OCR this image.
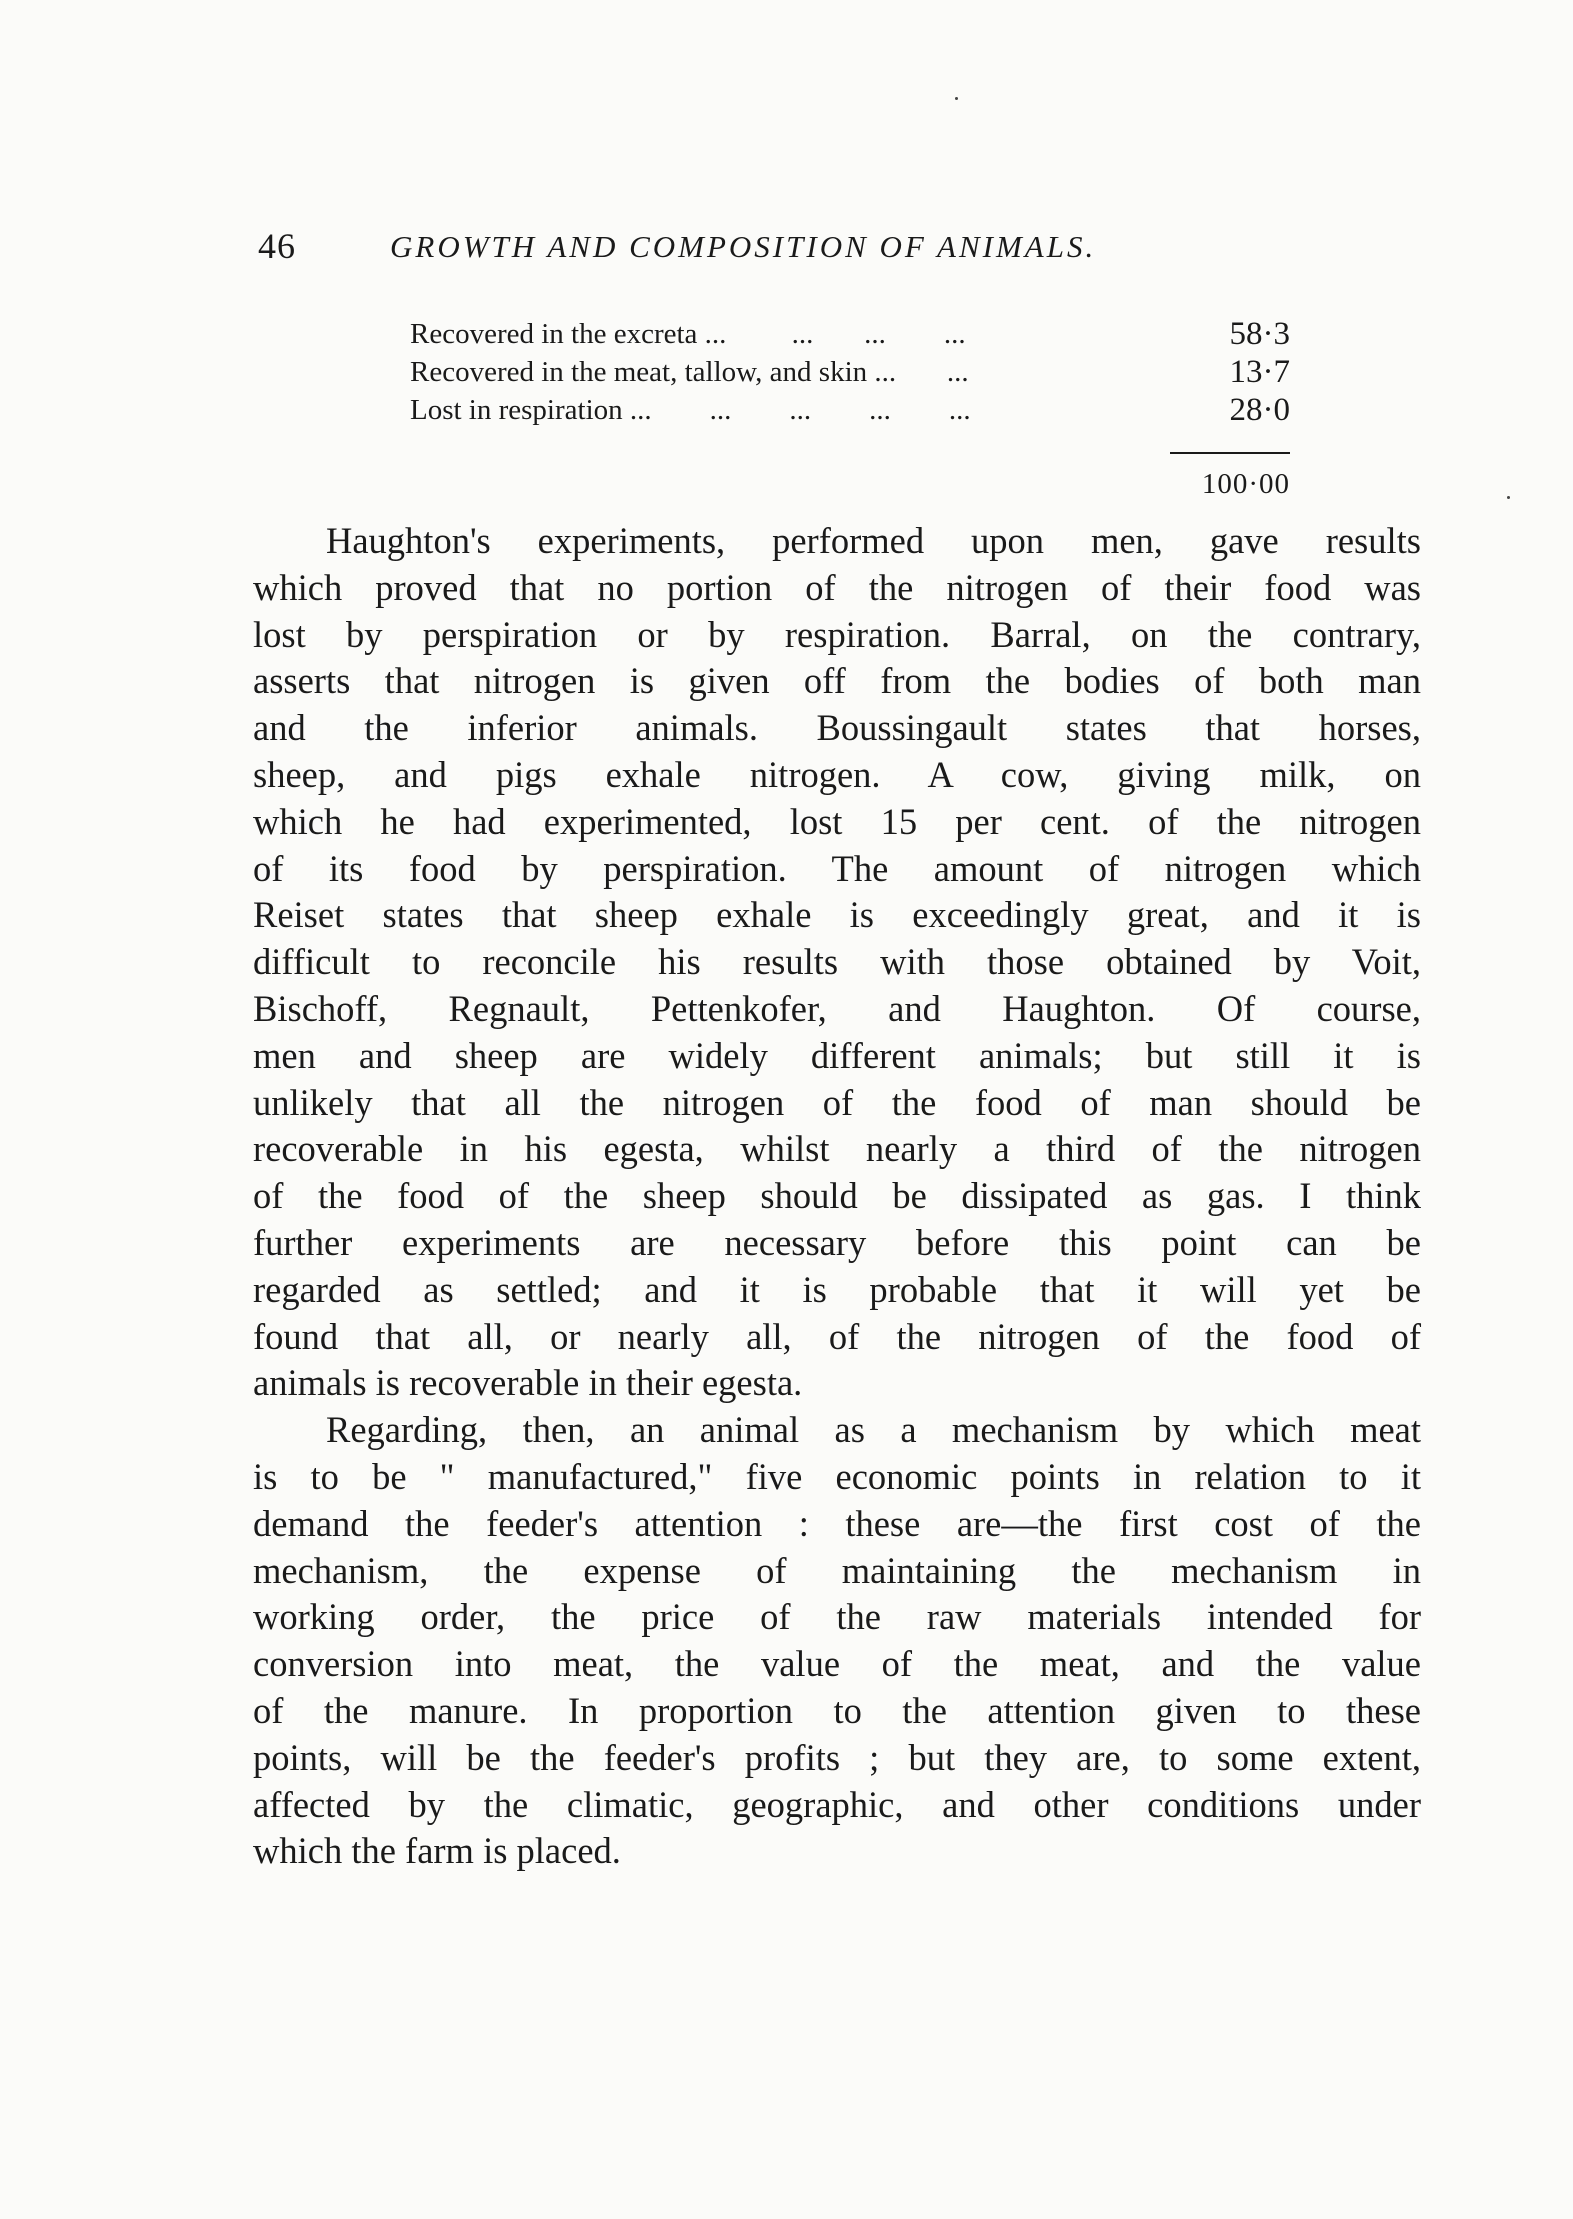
46	GROWTH AND COMPOSITION OF ANIMALS.
Recovered in the excreta ...         ...       ...        ...	58·3
Recovered in the meat, tallow, and skin ...       ...	13·7
Lost in respiration ...        ...        ...        ...        ...	28·0
100·00

Haughton's experiments, performed upon men, gave results
which proved that no portion of the nitrogen of their food was
lost by perspiration or by respiration. Barral, on the contrary,
asserts that nitrogen is given off from the bodies of both man
and the inferior animals. Boussingault states that horses,
sheep, and pigs exhale nitrogen. A cow, giving milk, on
which he had experimented, lost 15 per cent. of the nitrogen
of its food by perspiration. The amount of nitrogen which
Reiset states that sheep exhale is exceedingly great, and it is
difficult to reconcile his results with those obtained by Voit,
Bischoff, Regnault, Pettenkofer, and Haughton. Of course,
men and sheep are widely different animals; but still it is
unlikely that all the nitrogen of the food of man should be
recoverable in his egesta, whilst nearly a third of the nitrogen
of the food of the sheep should be dissipated as gas. I think
further experiments are necessary before this point can be
regarded as settled; and it is probable that it will yet be
found that all, or nearly all, of the nitrogen of the food of
animals is recoverable in their egesta.

Regarding, then, an animal as a mechanism by which meat
is to be " manufactured," five economic points in relation to it
demand the feeder's attention : these are—the first cost of the
mechanism, the expense of maintaining the mechanism in
working order, the price of the raw materials intended for
conversion into meat, the value of the meat, and the value
of the manure. In proportion to the attention given to these
points, will be the feeder's profits ; but they are, to some extent,
affected by the climatic, geographic, and other conditions under
which the farm is placed.
